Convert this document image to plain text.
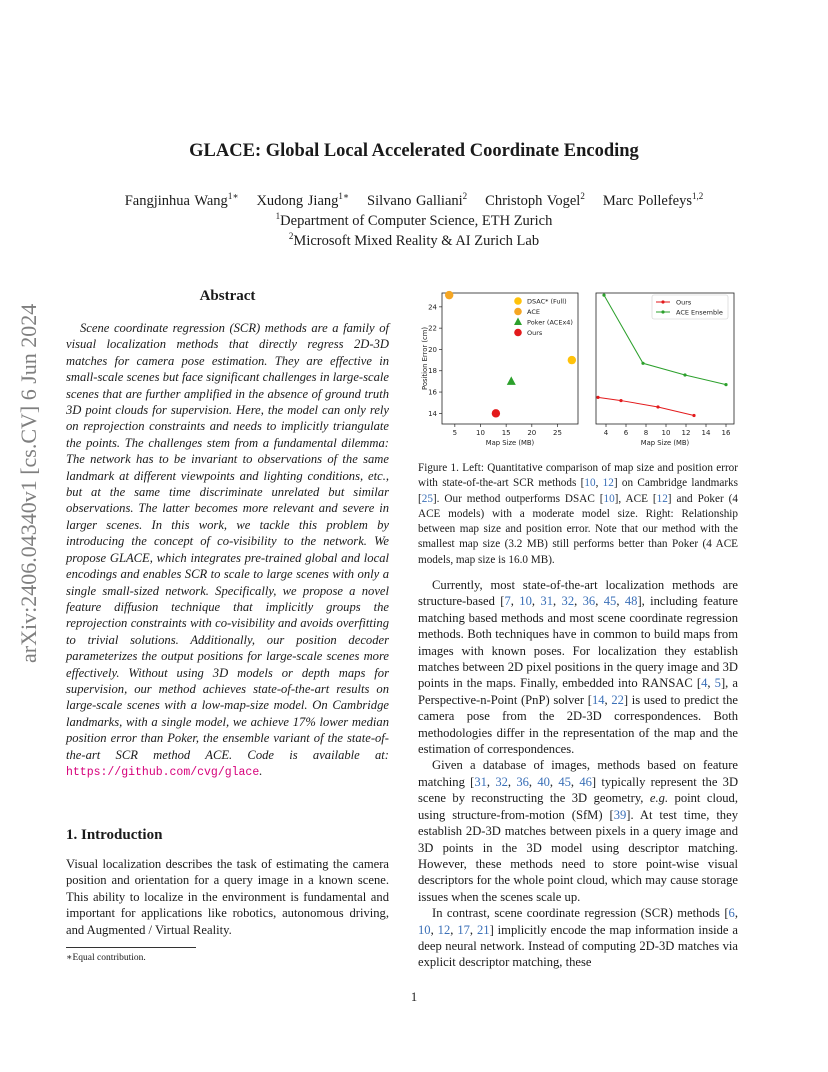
GLACE: Global Local Accelerated Coordinate Encoding
Fangjinhua Wang$^{1∗}$ Xudong Jiang$^{1∗}$ Silvano Galliani$^2$ Christoph Vogel$^2$ Marc Pollefeys$^{1,2}$
$^1$Department of Computer Science, ETH Zurich
$^2$Microsoft Mixed Reality & AI Zurich Lab
arXiv:2406.04340v1 [cs.CV] 6 Jun 2024
Abstract
Scene coordinate regression (SCR) methods are a family of visual localization methods that directly regress 2D-3D matches for camera pose estimation. They are effective in small-scale scenes but face significant challenges in large-scale scenes that are further amplified in the absence of ground truth 3D point clouds for supervision. Here, the model can only rely on reprojection constraints and needs to implicitly triangulate the points. The challenges stem from a fundamental dilemma: The network has to be invariant to observations of the same landmark at different viewpoints and lighting conditions, etc., but at the same time discriminate unrelated but similar observations. The latter becomes more relevant and severe in larger scenes. In this work, we tackle this problem by introducing the concept of co-visibility to the network. We propose GLACE, which integrates pre-trained global and local encodings and enables SCR to scale to large scenes with only a single small-sized network. Specifically, we propose a novel feature diffusion technique that implicitly groups the reprojection constraints with co-visibility and avoids overfitting to trivial solutions. Additionally, our position decoder parameterizes the output positions for large-scale scenes more effectively. Without using 3D models or depth maps for supervision, our method achieves state-of-the-art results on large-scale scenes with a low-map-size model. On Cambridge landmarks, with a single model, we achieve 17% lower median position error than Poker, the ensemble variant of the state-of-the-art SCR method ACE. Code is available at: https://github.com/cvg/glace.
1. Introduction
Visual localization describes the task of estimating the camera position and orientation for a query image in a known scene. This ability to localize in the environment is fundamental and important for applications like robotics, autonomous driving, and Augmented / Virtual Reality.
∗Equal contribution.
1
5	10 15 20 25
14
16
18
20
22
24
Map Size (MB)
Position Error (cm)
DSAC* (Full)
ACE
Poker (ACEx4)
Ours
4 6 8 10 12 14 16
Map Size (MB)
Ours
ACE Ensemble
Figure 1. Left: Quantitative comparison of map size and position error with state-of-the-art SCR methods [10, 12] on Cambridge landmarks [25]. Our method outperforms DSAC [10], ACE [12] and Poker (4 ACE models) with a moderate model size. Right: Relationship between map size and position error. Note that our method with the smallest map size (3.2 MB) still performs better than Poker (4 ACE models, map size is 16.0 MB).

Currently, most state-of-the-art localization methods are structure-based [7, 10, 31, 32, 36, 45, 48], including feature matching based methods and most scene coordinate regression methods. Both techniques have in common to build maps from images with known poses. For localization they establish matches between 2D pixel positions in the query image and 3D points in the maps. Finally, embedded into RANSAC [4, 5], a Perspective-n-Point (PnP) solver [14, 22] is used to predict the camera pose from the 2D-3D correspondences. Both methodologies differ in the representation of the map and the estimation of correspondences.

Given a database of images, methods based on feature matching [31, 32, 36, 40, 45, 46] typically represent the 3D scene by reconstructing the 3D geometry, e.g. point cloud, using structure-from-motion (SfM) [39]. At test time, they establish 2D-3D matches between pixels in a query image and 3D points in the 3D model using descriptor matching. However, these methods need to store point-wise visual descriptors for the whole point cloud, which may cause storage issues when the scenes scale up.

In contrast, scene coordinate regression (SCR) methods [6, 10, 12, 17, 21] implicitly encode the map information inside a deep neural network. Instead of computing 2D-3D matches via explicit descriptor matching, these
